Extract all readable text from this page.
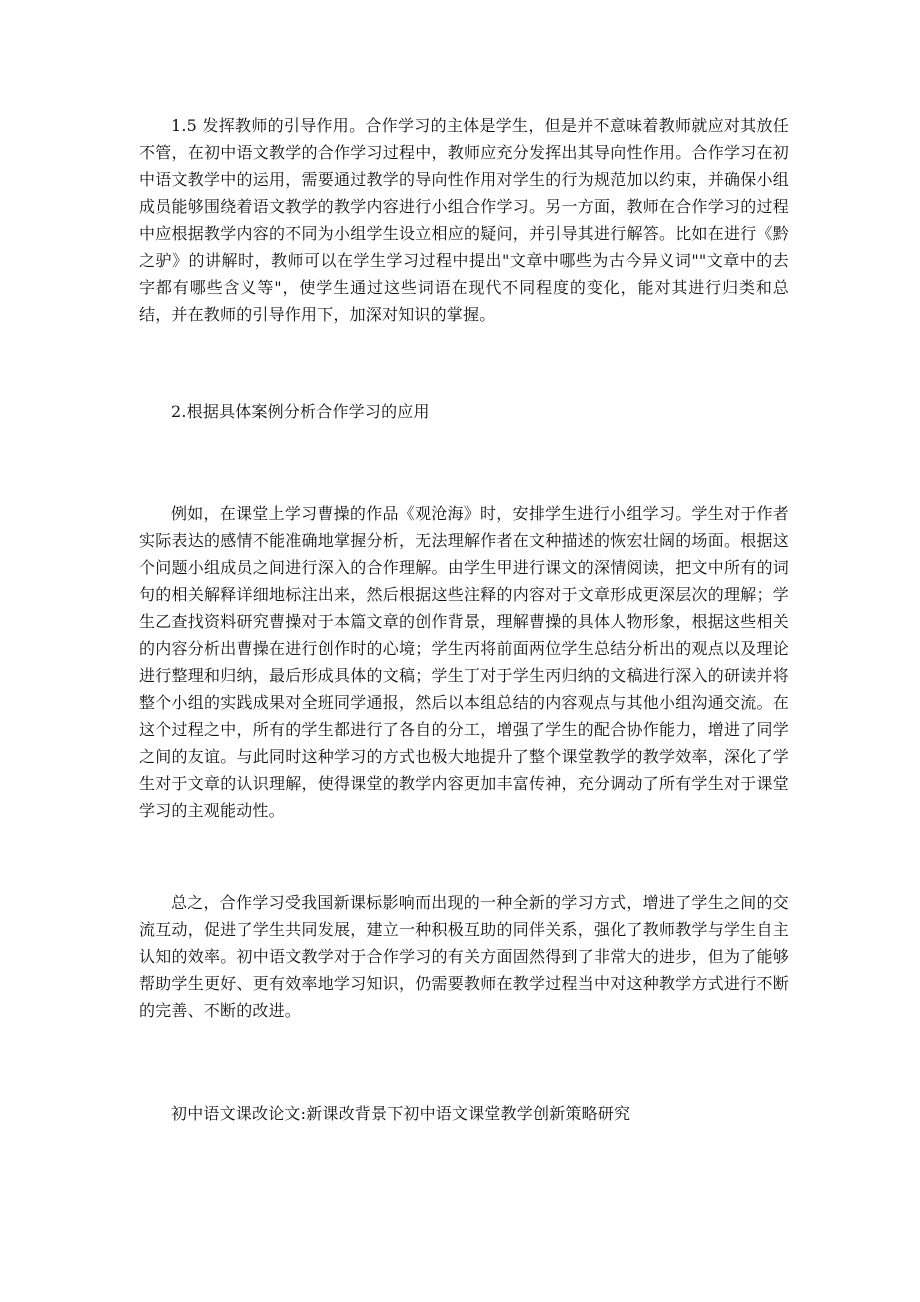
1.5 发挥教师的引导作用。合作学习的主体是学生，但是并不意味着教师就应对其放任不管，在初中语文教学的合作学习过程中，教师应充分发挥出其导向性作用。合作学习在初中语文教学中的运用，需要通过教学的导向性作用对学生的行为规范加以约束，并确保小组成员能够围绕着语文教学的教学内容进行小组合作学习。另一方面，教师在合作学习的过程中应根据教学内容的不同为小组学生设立相应的疑问，并引导其进行解答。比如在进行《黔之驴》的讲解时，教师可以在学生学习过程中提出"文章中哪些为古今异义词""文章中的去字都有哪些含义等"，使学生通过这些词语在现代不同程度的变化，能对其进行归类和总结，并在教师的引导作用下，加深对知识的掌握。

2.根据具体案例分析合作学习的应用

例如，在课堂上学习曹操的作品《观沧海》时，安排学生进行小组学习。学生对于作者实际表达的感情不能准确地掌握分析，无法理解作者在文种描述的恢宏壮阔的场面。根据这个问题小组成员之间进行深入的合作理解。由学生甲进行课文的深情阅读，把文中所有的词句的相关解释详细地标注出来，然后根据这些注释的内容对于文章形成更深层次的理解；学生乙查找资料研究曹操对于本篇文章的创作背景，理解曹操的具体人物形象，根据这些相关的内容分析出曹操在进行创作时的心境；学生丙将前面两位学生总结分析出的观点以及理论进行整理和归纳，最后形成具体的文稿；学生丁对于学生丙归纳的文稿进行深入的研读并将整个小组的实践成果对全班同学通报，然后以本组总结的内容观点与其他小组沟通交流。在这个过程之中，所有的学生都进行了各自的分工，增强了学生的配合协作能力，增进了同学之间的友谊。与此同时这种学习的方式也极大地提升了整个课堂教学的教学效率，深化了学生对于文章的认识理解，使得课堂的教学内容更加丰富传神，充分调动了所有学生对于课堂学习的主观能动性。

总之，合作学习受我国新课标影响而出现的一种全新的学习方式，增进了学生之间的交流互动，促进了学生共同发展，建立一种积极互助的同伴关系，强化了教师教学与学生自主认知的效率。初中语文教学对于合作学习的有关方面固然得到了非常大的进步，但为了能够帮助学生更好、更有效率地学习知识，仍需要教师在教学过程当中对这种教学方式进行不断的完善、不断的改进。

初中语文课改论文:新课改背景下初中语文课堂教学创新策略研究
